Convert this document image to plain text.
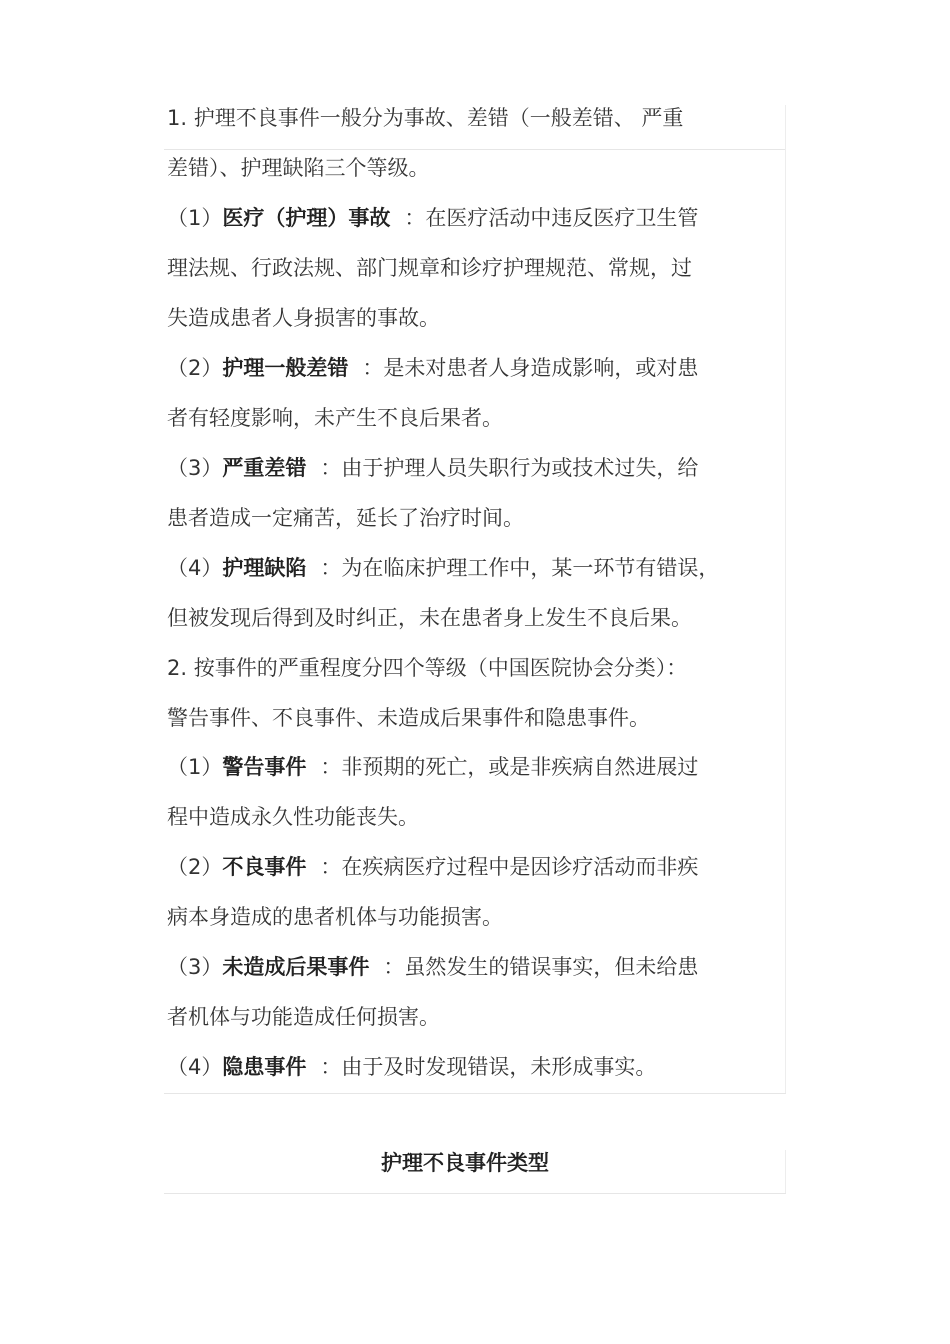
1. 护理不良事件一般分为事故、差错（一般差错、 严重
差错）、护理缺陷三个等级。
（1）医疗（护理）事故 ：在医疗活动中违反医疗卫生管
理法规、行政法规、部门规章和诊疗护理规范、常规，过
失造成患者人身损害的事故。
（2）护理一般差错 ：是未对患者人身造成影响，或对患
者有轻度影响，未产生不良后果者。
（3）严重差错 ：由于护理人员失职行为或技术过失，给
患者造成一定痛苦，延长了治疗时间。
（4）护理缺陷 ：为在临床护理工作中，某一环节有错误，
但被发现后得到及时纠正，未在患者身上发生不良后果。
2. 按事件的严重程度分四个等级（中国医院协会分类）：
警告事件、不良事件、未造成后果事件和隐患事件。
（1）警告事件 ：非预期的死亡，或是非疾病自然进展过
程中造成永久性功能丧失。
（2）不良事件 ：在疾病医疗过程中是因诊疗活动而非疾
病本身造成的患者机体与功能损害。
（3）未造成后果事件 ：虽然发生的错误事实，但未给患
者机体与功能造成任何损害。
（4）隐患事件 ：由于及时发现错误，未形成事实。
护理不良事件类型
